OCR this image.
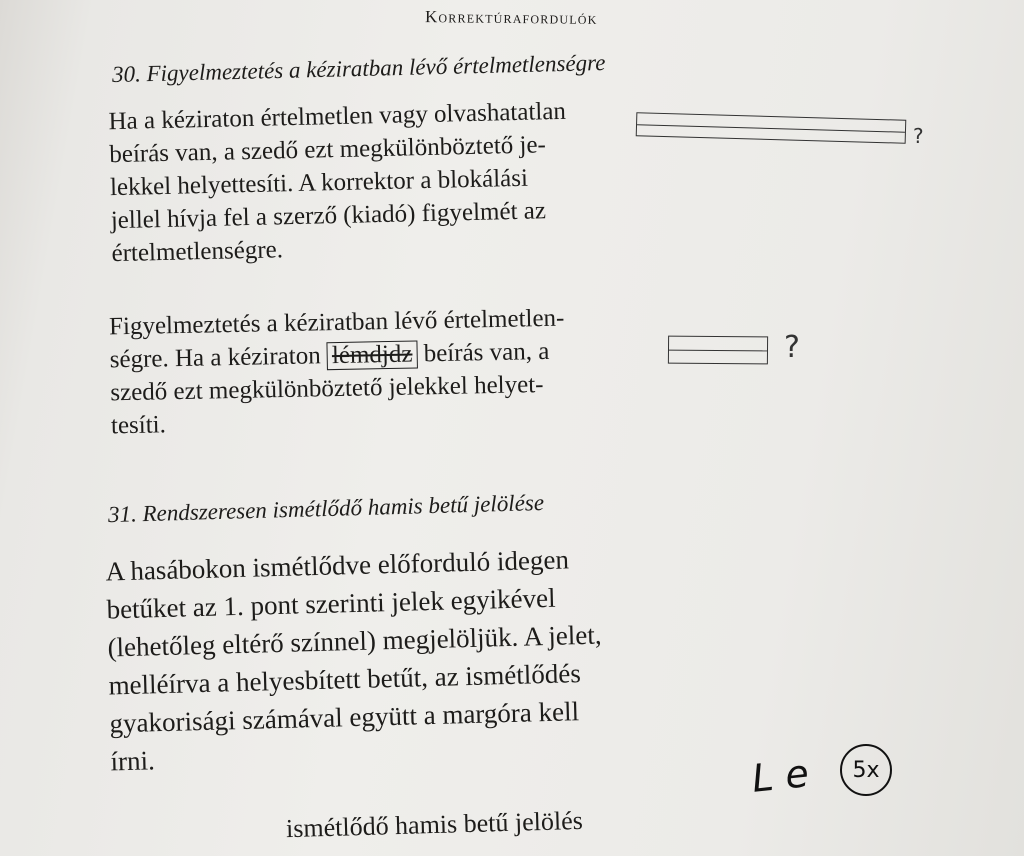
Korrektúrafordulók
30. Figyelmeztetés a kéziratban lévő értelmetlenségre
Ha a kéziraton értelmetlen vagy olvashatatlan
beírás van, a szedő ezt megkülönböztető je-
lekkel helyettesíti. A korrektor a blokálási
jellel hívja fel a szerző (kiadó) figyelmét az
értelmetlenségre.
?
Figyelmeztetés a kéziratban lévő értelmetlen-
ségre. Ha a kéziraton lémdjdz beírás van, a
szedő ezt megkülönböztető jelekkel helyet-
tesíti.
?
31. Rendszeresen ismétlődő hamis betű jelölése
A hasábokon ismétlődve előforduló idegen
betűket az 1. pont szerinti jelek egyikével
(lehetőleg eltérő színnel) megjelöljük. A jelet,
melléírva a helyesbített betűt, az ismétlődés
gyakorisági számával együtt a margóra kell
írni.	L e	5x
ismétlődő hamis betű jelölés
